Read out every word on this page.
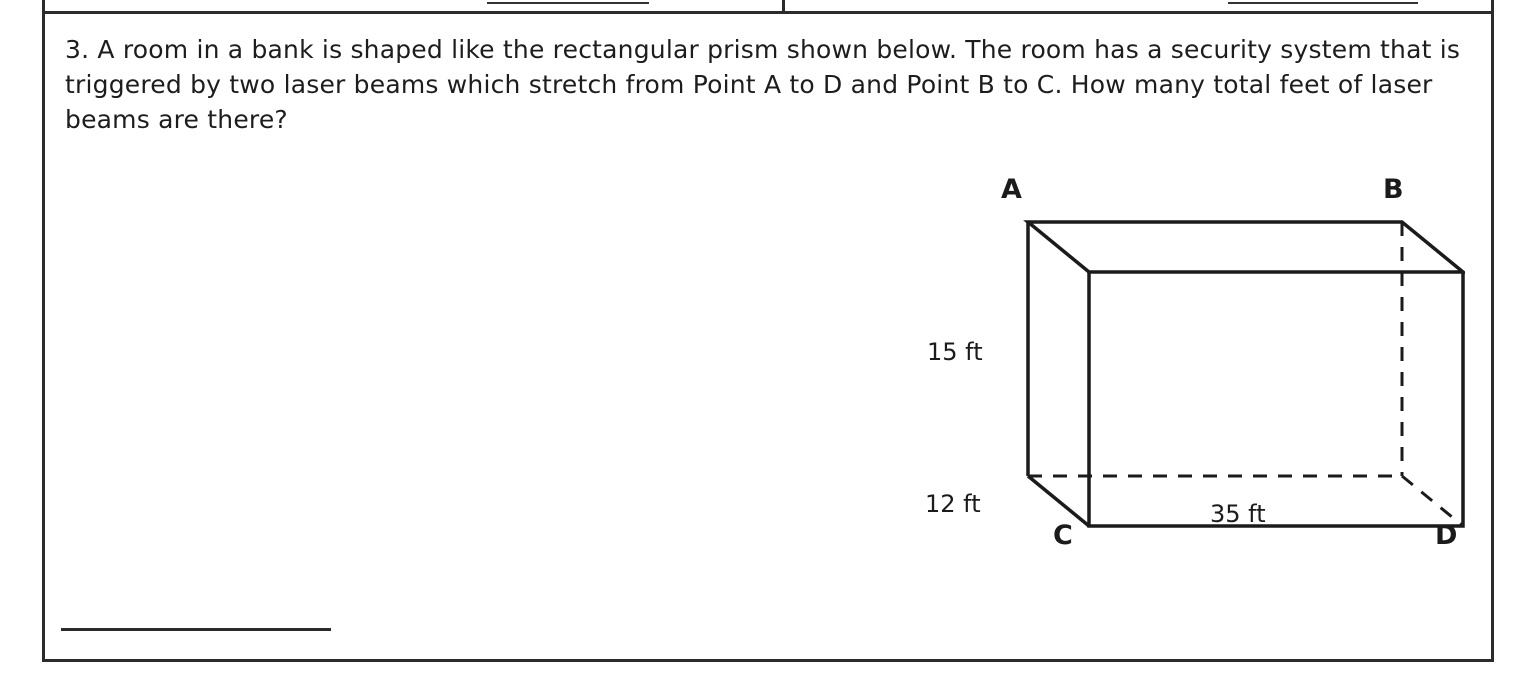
3. A room in a bank is shaped like the rectangular prism shown below. The room has a security system that is triggered by two laser beams which stretch from Point A to D and Point B to C. How many total feet of laser beams are there?
A	B
C	D
15 ft
12 ft	35 ft
